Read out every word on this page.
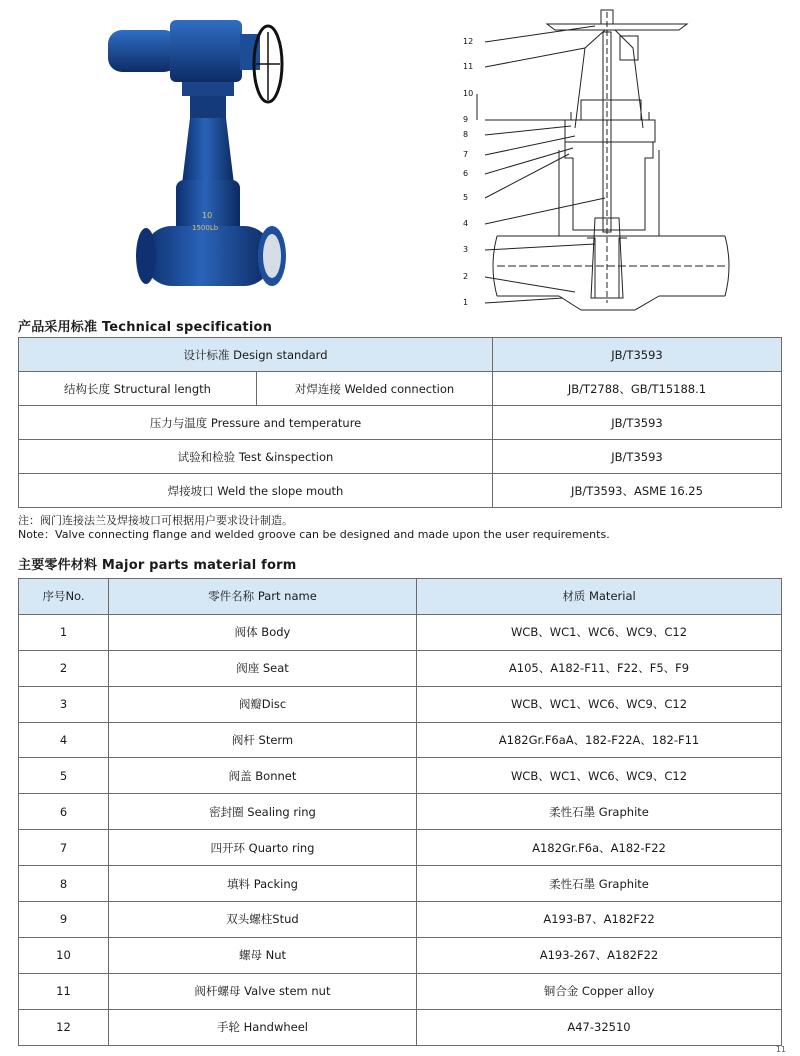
10
1500Lb
12
11
10
9
8
7
6
5
4
3
2
1
产品采用标准 Technical specification
设计标准 Design standard		JB/T3593
结构长度 Structural length	对焊连接 Welded connection	JB/T2788、GB/T15188.1
压力与温度 Pressure and temperature		JB/T3593
试验和检验 Test &inspection		JB/T3593
焊接坡口 Weld the slope mouth		JB/T3593、ASME 16.25
注：阀门连接法兰及焊接坡口可根据用户要求设计制造。
Note：Valve connecting flange and welded groove can be designed and made upon the user requirements.
主要零件材料 Major parts material form
序号No.	零件名称 Part name	材质 Material
1	阀体 Body	WCB、WC1、WC6、WC9、C12
2	阀座 Seat	A105、A182-F11、F22、F5、F9
3	阀瓣Disc	WCB、WC1、WC6、WC9、C12
4	阀杆 Sterm	A182Gr.F6aA、182-F22A、182-F11
5	阀盖 Bonnet	WCB、WC1、WC6、WC9、C12
6	密封圈 Sealing ring	柔性石墨 Graphite
7	四开环 Quarto ring	A182Gr.F6a、A182-F22
8	填料 Packing	柔性石墨 Graphite
9	双头螺柱Stud	A193-B7、A182F22
10	螺母 Nut	A193-267、A182F22
11	阀杆螺母 Valve stem nut	铜合金 Copper alloy
12	手轮 Handwheel	A47-32510
11
